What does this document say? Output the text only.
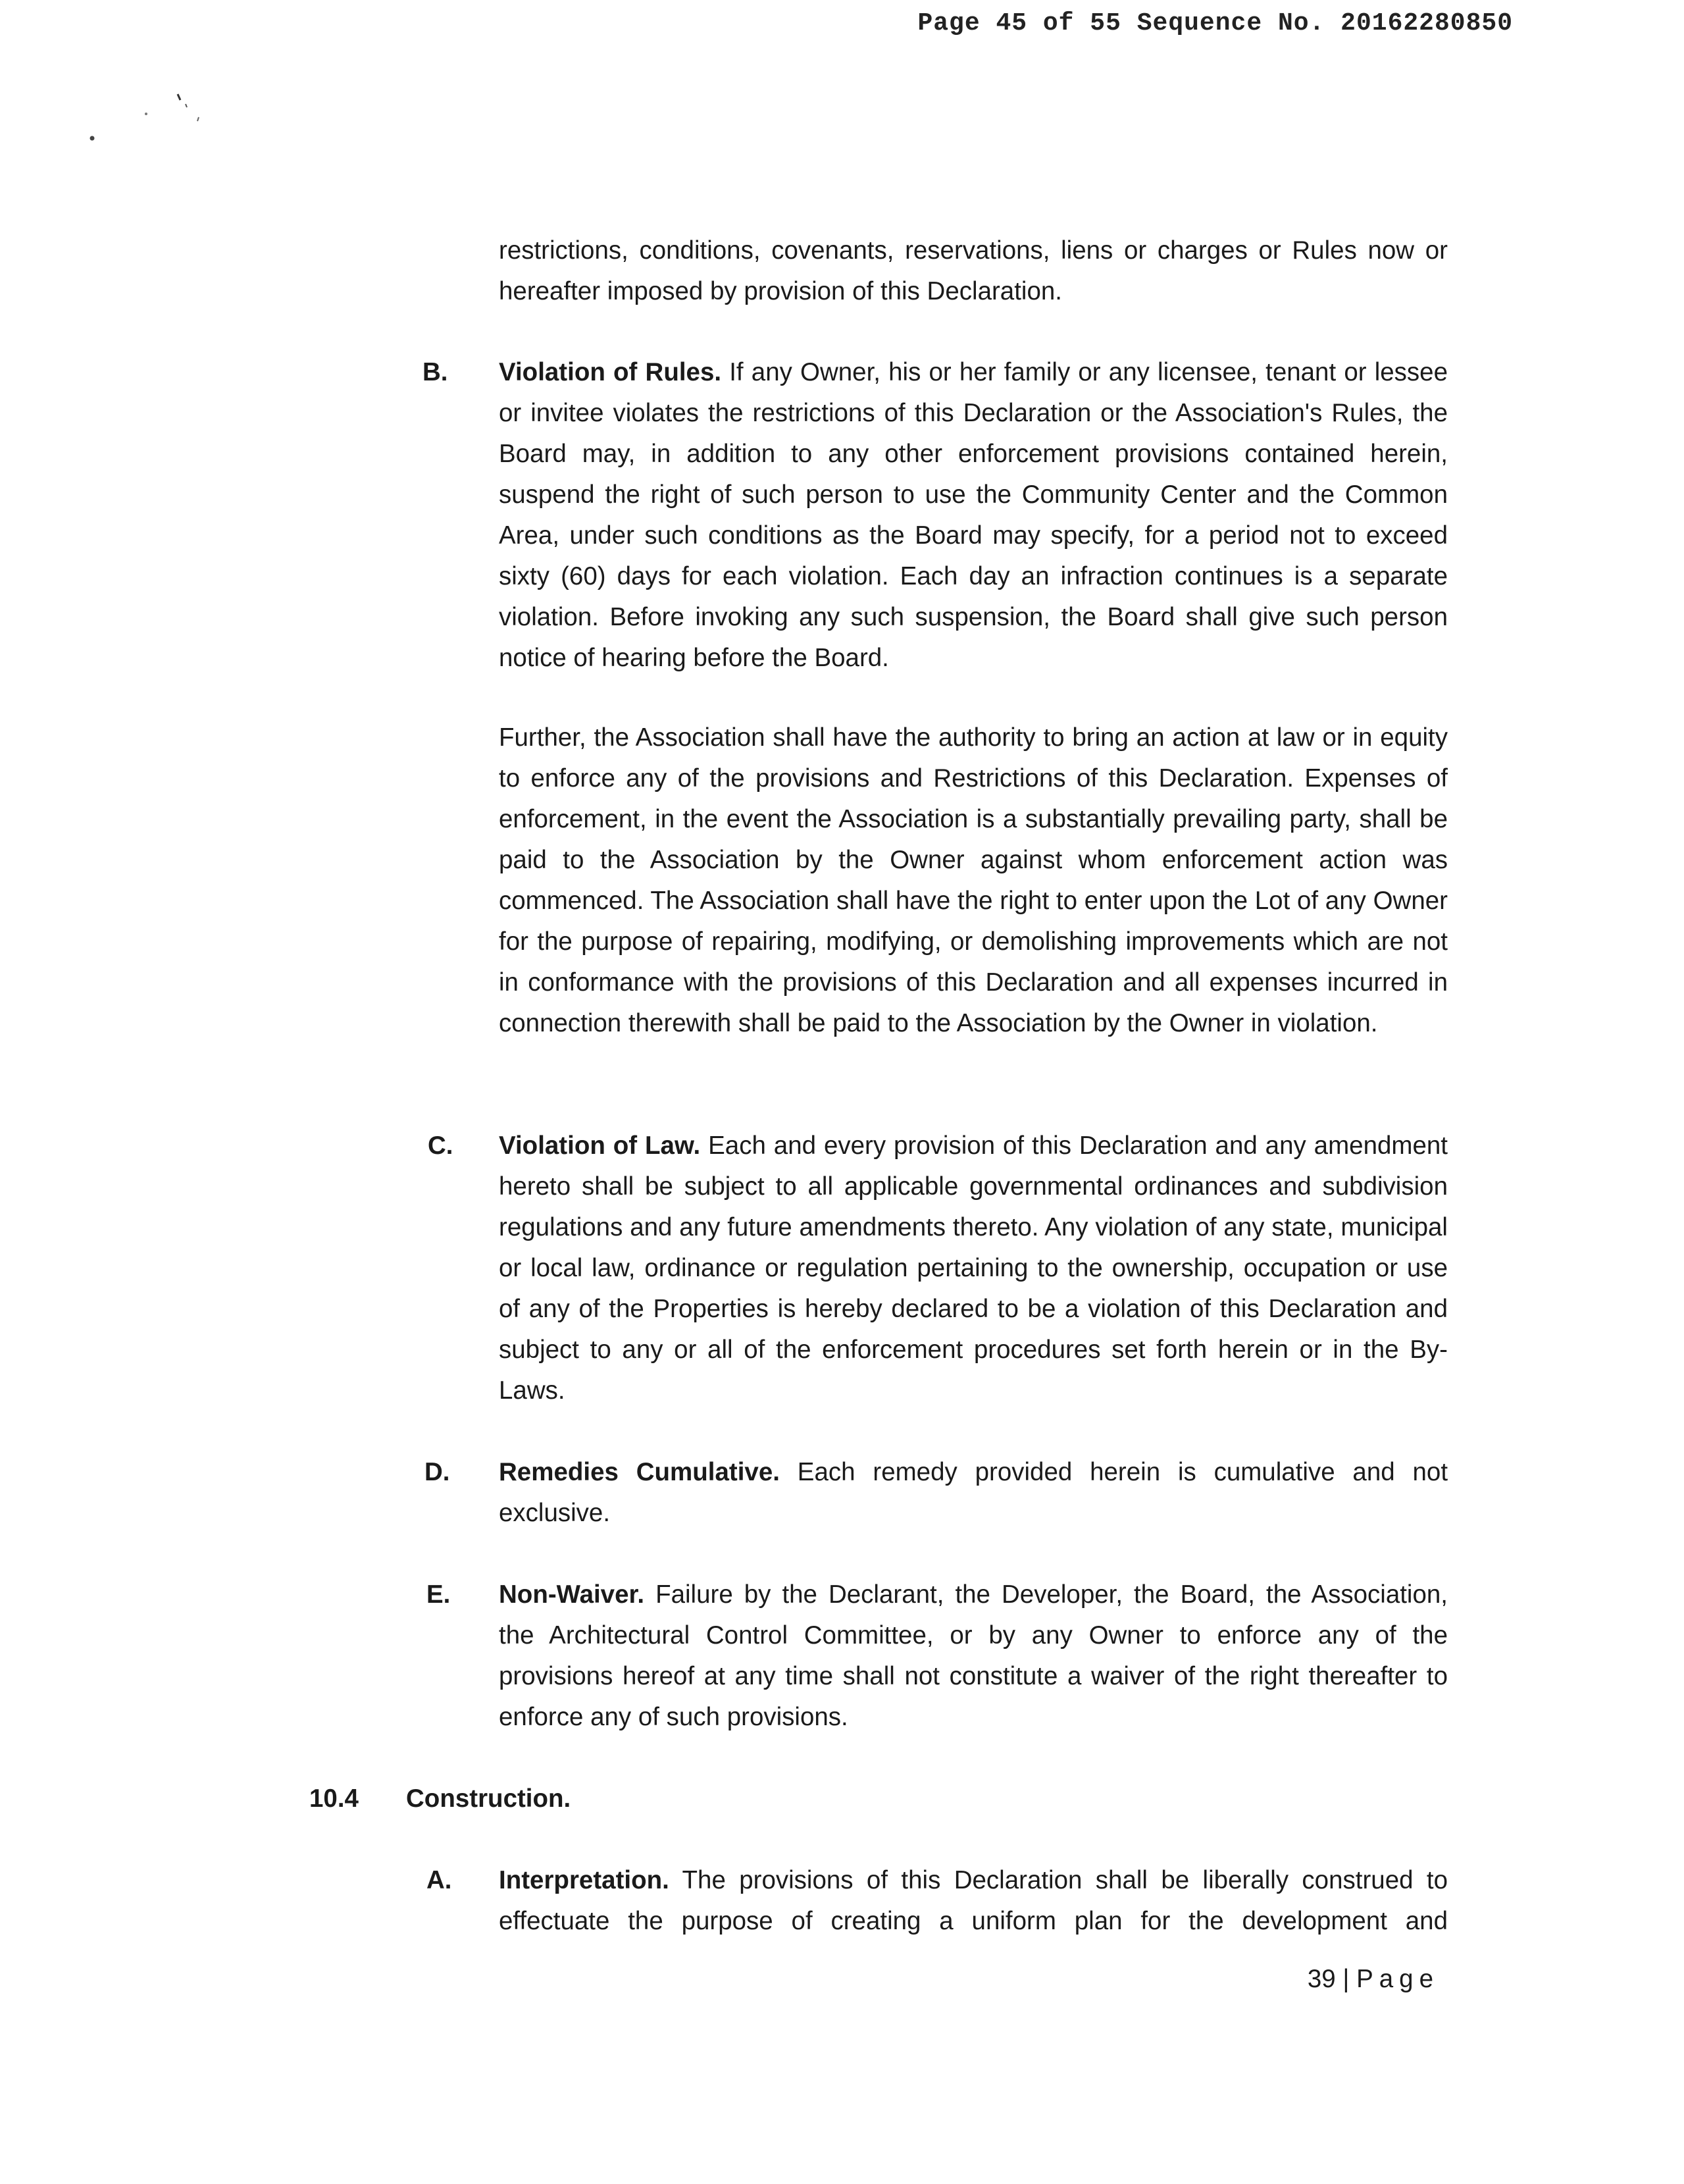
Page 45 of 55 Sequence No. 20162280850
restrictions, conditions, covenants, reservations, liens or charges or Rules now or hereafter imposed by provision of this Declaration.
B. Violation of Rules. If any Owner, his or her family or any licensee, tenant or lessee or invitee violates the restrictions of this Declaration or the Association's Rules, the Board may, in addition to any other enforcement provisions contained herein, suspend the right of such person to use the Community Center and the Common Area, under such conditions as the Board may specify, for a period not to exceed sixty (60) days for each violation. Each day an infraction continues is a separate violation. Before invoking any such suspension, the Board shall give such person notice of hearing before the Board.
Further, the Association shall have the authority to bring an action at law or in equity to enforce any of the provisions and Restrictions of this Declaration. Expenses of enforcement, in the event the Association is a substantially prevailing party, shall be paid to the Association by the Owner against whom enforcement action was commenced. The Association shall have the right to enter upon the Lot of any Owner for the purpose of repairing, modifying, or demolishing improvements which are not in conformance with the provisions of this Declaration and all expenses incurred in connection therewith shall be paid to the Association by the Owner in violation.
C. Violation of Law. Each and every provision of this Declaration and any amendment hereto shall be subject to all applicable governmental ordinances and subdivision regulations and any future amendments thereto. Any violation of any state, municipal or local law, ordinance or regulation pertaining to the ownership, occupation or use of any of the Properties is hereby declared to be a violation of this Declaration and subject to any or all of the enforcement procedures set forth herein or in the By-Laws.
D. Remedies Cumulative. Each remedy provided herein is cumulative and not exclusive.
E. Non-Waiver. Failure by the Declarant, the Developer, the Board, the Association, the Architectural Control Committee, or by any Owner to enforce any of the provisions hereof at any time shall not constitute a waiver of the right thereafter to enforce any of such provisions.
10.4 Construction.
A. Interpretation. The provisions of this Declaration shall be liberally construed to effectuate the purpose of creating a uniform plan for the development and
39 | Page
